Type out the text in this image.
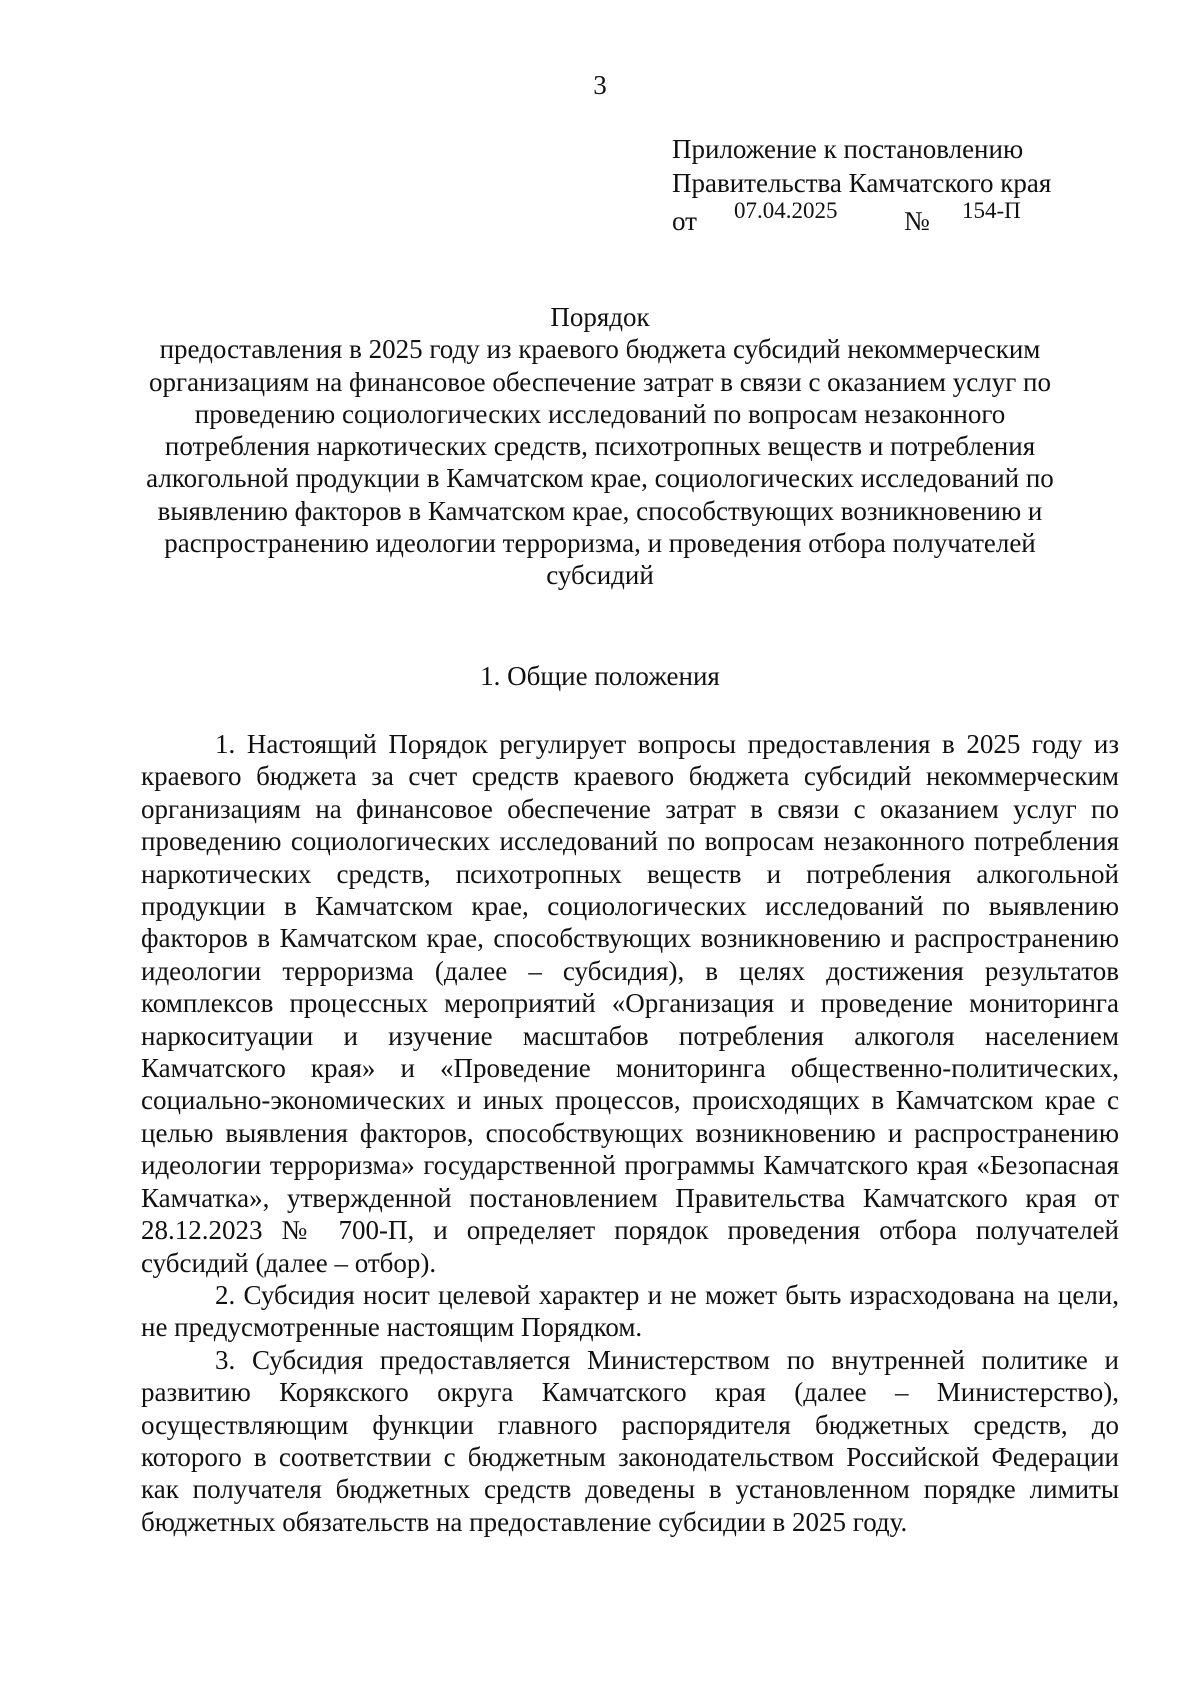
3
Приложение к постановлению
Правительства Камчатского края
от 07.04.2025 № 154-П
Порядок
предоставления в 2025 году из краевого бюджета субсидий некоммерческим организациям на финансовое обеспечение затрат в связи с оказанием услуг по проведению социологических исследований по вопросам незаконного потребления наркотических средств, психотропных веществ и потребления алкогольной продукции в Камчатском крае, социологических исследований по выявлению факторов в Камчатском крае, способствующих возникновению и распространению идеологии терроризма, и проведения отбора получателей субсидий
1. Общие положения

1. Настоящий Порядок регулирует вопросы предоставления в 2025 году из краевого бюджета за счет средств краевого бюджета субсидий некоммерческим организациям на финансовое обеспечение затрат в связи с оказанием услуг по проведению социологических исследований по вопросам незаконного потребления наркотических средств, психотропных веществ и потребления алкогольной продукции в Камчатском крае, социологических исследований по выявлению факторов в Камчатском крае, способствующих возникновению и распространению идеологии терроризма (далее – субсидия), в целях достижения результатов комплексов процессных мероприятий «Организация и проведение мониторинга наркоситуации и изучение масштабов потребления алкоголя населением Камчатского края» и «Проведение мониторинга общественно-политических, социально-экономических и иных процессов, происходящих в Камчатском крае с целью выявления факторов, способствующих возникновению и распространению идеологии терроризма» государственной программы Камчатского края «Безопасная Камчатка», утвержденной постановлением Правительства Камчатского края от 28.12.2023 № 700-П, и определяет порядок проведения отбора получателей субсидий (далее – отбор).

2. Субсидия носит целевой характер и не может быть израсходована на цели, не предусмотренные настоящим Порядком.

3. Субсидия предоставляется Министерством по внутренней политике и развитию Корякского округа Камчатского края (далее – Министерство), осуществляющим функции главного распорядителя бюджетных средств, до которого в соответствии с бюджетным законодательством Российской Федерации как получателя бюджетных средств доведены в установленном порядке лимиты бюджетных обязательств на предоставление субсидии в 2025 году.
